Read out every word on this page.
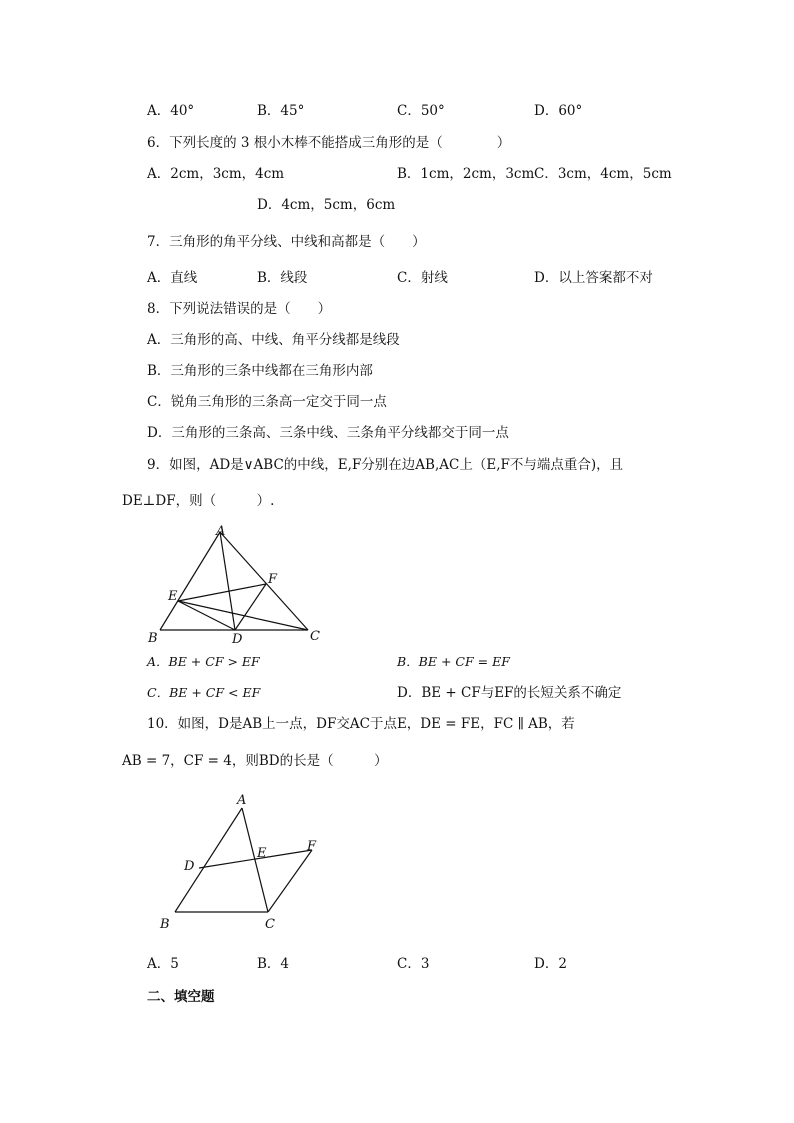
A．40°	B．45°	C．50°	D．60°
6．下列长度的 3 根小木棒不能搭成三角形的是（　　　　）
A．2cm，3cm，4cm	B．1cm，2cm，3cm C．3cm，4cm，5cm
D．4cm，5cm，6cm
7．三角形的角平分线、中线和高都是（　　）
A．直线	B．线段	C．射线	D．以上答案都不对
8．下列说法错误的是（　　）
A．三角形的高、中线、角平分线都是线段
B．三角形的三条中线都在三角形内部
C．锐角三角形的三条高一定交于同一点
D．三角形的三条高、三条中线、三条角平分线都交于同一点
9．如图，AD是∨ABC的中线，E,F分别在边AB,AC上（E,F不与端点重合)，且
DE⊥DF，则（　　　）.
A
B	C
D
E
F
A．BE + CF > EF	B．BE + CF = EF
C．BE + CF < EF	D．BE + CF与EF的长短关系不确定
10．如图，D是AB上一点，DF交AC于点E，DE = FE，FC ∥ AB，若
AB = 7，CF = 4，则BD的长是（　　　）
A
B	C
D
E	F
A．5	B．4	C．3	D．2
二、填空题
